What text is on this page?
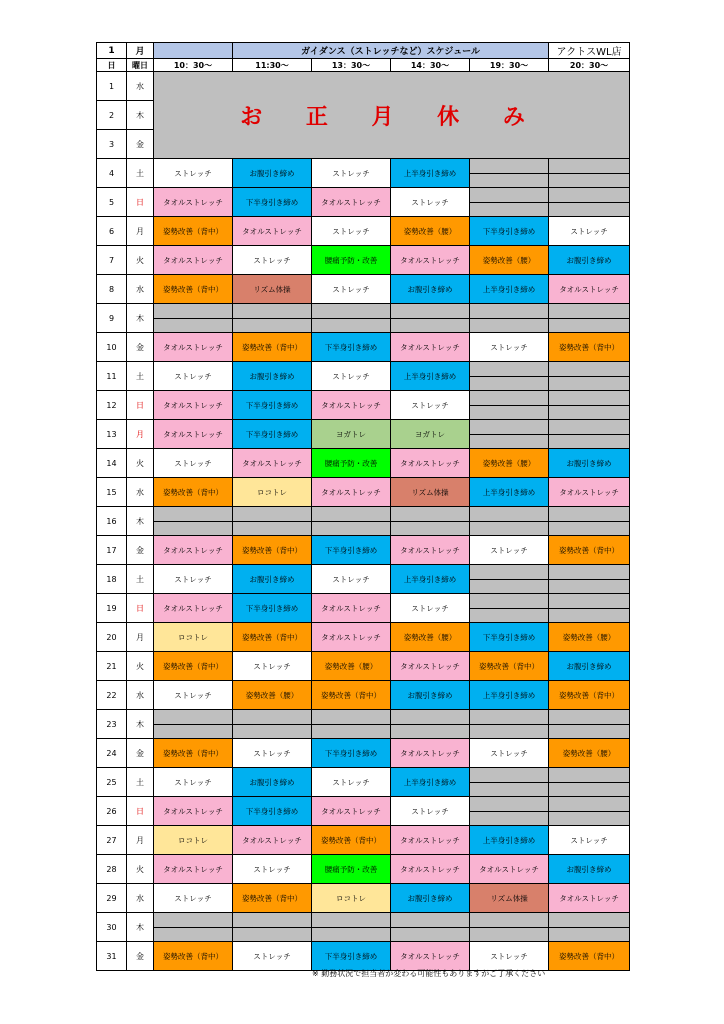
1	月		ガイダンス（ストレッチなど）スケジュール				アクトスWL店
日	曜日	10：30～	11:30～	13：30～	14：30～	19：30～	20：30～
1	水	お 正 月 休 み					
2	木						
3	金						
4	土	ストレッチ	お腹引き締め	ストレッチ	上半身引き締め		
5	日	タオルストレッチ	下半身引き締め	タオルストレッチ	ストレッチ		
6	月	姿勢改善（背中）	タオルストレッチ	ストレッチ	姿勢改善（腰）	下半身引き締め	ストレッチ
7	火	タオルストレッチ	ストレッチ	腰痛予防・改善	タオルストレッチ	姿勢改善（腰）	お腹引き締め
8	水	姿勢改善（背中）	リズム体操	ストレッチ	お腹引き締め	上半身引き締め	タオルストレッチ
9	木						
10	金	タオルストレッチ	姿勢改善（背中）	下半身引き締め	タオルストレッチ	ストレッチ	姿勢改善（背中）
11	土	ストレッチ	お腹引き締め	ストレッチ	上半身引き締め		
12	日	タオルストレッチ	下半身引き締め	タオルストレッチ	ストレッチ		
13	月	タオルストレッチ	下半身引き締め	ヨガトレ	ヨガトレ		
14	火	ストレッチ	タオルストレッチ	腰痛予防・改善	タオルストレッチ	姿勢改善（腰）	お腹引き締め
15	水	姿勢改善（背中）	ロコトレ	タオルストレッチ	リズム体操	上半身引き締め	タオルストレッチ
16	木						
17	金	タオルストレッチ	姿勢改善（背中）	下半身引き締め	タオルストレッチ	ストレッチ	姿勢改善（背中）
18	土	ストレッチ	お腹引き締め	ストレッチ	上半身引き締め		
19	日	タオルストレッチ	下半身引き締め	タオルストレッチ	ストレッチ		
20	月	ロコトレ	姿勢改善（背中）	タオルストレッチ	姿勢改善（腰）	下半身引き締め	姿勢改善（腰）
21	火	姿勢改善（背中）	ストレッチ	姿勢改善（腰）	タオルストレッチ	姿勢改善（背中）	お腹引き締め
22	水	ストレッチ	姿勢改善（腰）	姿勢改善（背中）	お腹引き締め	上半身引き締め	姿勢改善（背中）
23	木						
24	金	姿勢改善（背中）	ストレッチ	下半身引き締め	タオルストレッチ	ストレッチ	姿勢改善（腰）
25	土	ストレッチ	お腹引き締め	ストレッチ	上半身引き締め		
26	日	タオルストレッチ	下半身引き締め	タオルストレッチ	ストレッチ		
27	月	ロコトレ	タオルストレッチ	姿勢改善（背中）	タオルストレッチ	上半身引き締め	ストレッチ
28	火	タオルストレッチ	ストレッチ	腰痛予防・改善	タオルストレッチ	タオルストレッチ	お腹引き締め
29	水	ストレッチ	姿勢改善（背中）	ロコトレ	お腹引き締め	リズム体操	タオルストレッチ
30	木						
31	金	姿勢改善（背中）	ストレッチ	下半身引き締め	タオルストレッチ	ストレッチ	姿勢改善（背中）
※ 勤務状況で担当者が変わる可能性もありますがご了承ください
